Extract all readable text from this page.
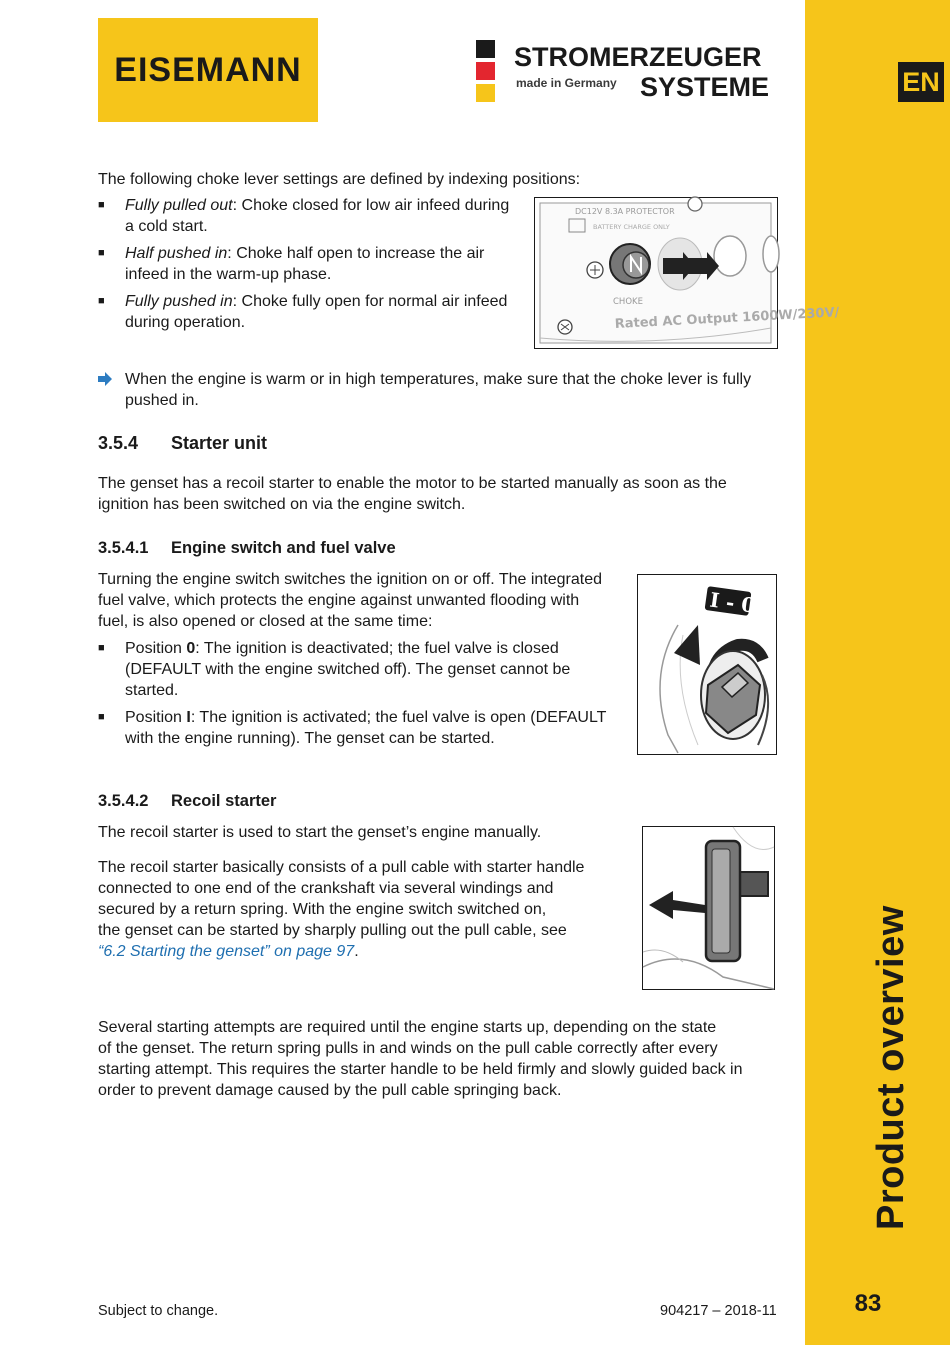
EN
Product overview
83
EISEMANN	STROMERZEUGER
made in Germany SYSTEME

The following choke lever settings are defined by indexing positions:

■ Fully pulled out: Choke closed for low air infeed during
a cold start.
■ Half pushed in: Choke half open to increase the air
infeed in the warm-up phase.
■ Fully pushed in: Choke fully open for normal air infeed
during operation.
DC12V 8.3A PROTECTOR
BATTERY CHARGE ONLY
CHOKE
Rated AC Output 1600W/230V/
When the engine is warm or in high temperatures, make sure that the choke lever is fully
pushed in.
3.5.4 Starter unit

The genset has a recoil starter to enable the motor to be started manually as soon as the
ignition has been switched on via the engine switch.

3.5.4.1 Engine switch and fuel valve

Turning the engine switch switches the ignition on or off. The integrated
fuel valve, which protects the engine against unwanted flooding with
fuel, is also opened or closed at the same time:

■ Position 0: The ignition is deactivated; the fuel valve is closed
(DEFAULT with the engine switched off). The genset cannot be
started.
■ Position I: The ignition is activated; the fuel valve is open (DEFAULT
with the engine running). The genset can be started.
I - 0
3.5.4.2 Recoil starter

The recoil starter is used to start the genset’s engine manually.

The recoil starter basically consists of a pull cable with starter handle
connected to one end of the crankshaft via several windings and
secured by a return spring. With the engine switch switched on,
the genset can be started by sharply pulling out the pull cable, see
“6.2 Starting the genset” on page 97.

Several starting attempts are required until the engine starts up, depending on the state
of the genset. The return spring pulls in and winds on the pull cable correctly after every
starting attempt. This requires the starter handle to be held firmly and slowly guided back in
order to prevent damage caused by the pull cable springing back.

Subject to change.	904217 – 2018-11
